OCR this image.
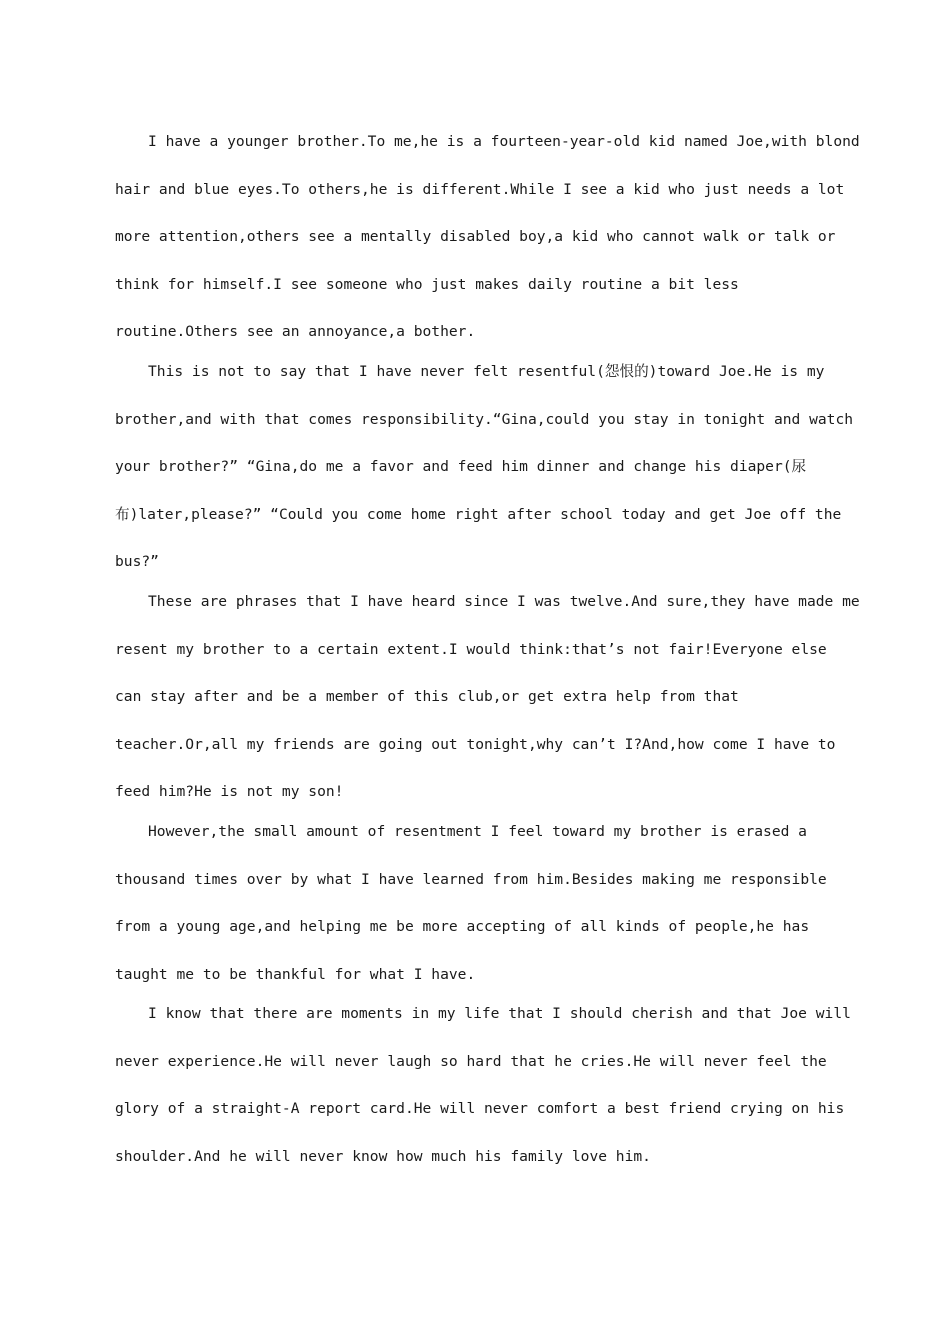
I have a younger brother.To me,he is a fourteen-year-old kid named Joe,with blond
hair and blue eyes.To others,he is different.While I see a kid who just needs a lot
more attention,others see a mentally disabled boy,a kid who cannot walk or talk or
think for himself.I see someone who just makes daily routine a bit less
routine.Others see an annoyance,a bother.
This is not to say that I have never felt resentful(怨恨的)toward Joe.He is my
brother,and with that comes responsibility.“Gina,could you stay in tonight and watch
your brother?” “Gina,do me a favor and feed him dinner and change his diaper(尿
布)later,please?” “Could you come home right after school today and get Joe off the
bus?”
These are phrases that I have heard since I was twelve.And sure,they have made me
resent my brother to a certain extent.I would think:that’s not fair!Everyone else
can stay after and be a member of this club,or get extra help from that
teacher.Or,all my friends are going out tonight,why can’t I?And,how come I have to
feed him?He is not my son!
However,the small amount of resentment I feel toward my brother is erased a
thousand times over by what I have learned from him.Besides making me responsible
from a young age,and helping me be more accepting of all kinds of people,he has
taught me to be thankful for what I have.
I know that there are moments in my life that I should cherish and that Joe will
never experience.He will never laugh so hard that he cries.He will never feel the
glory of a straight-A report card.He will never comfort a best friend crying on his
shoulder.And he will never know how much his family love him.
